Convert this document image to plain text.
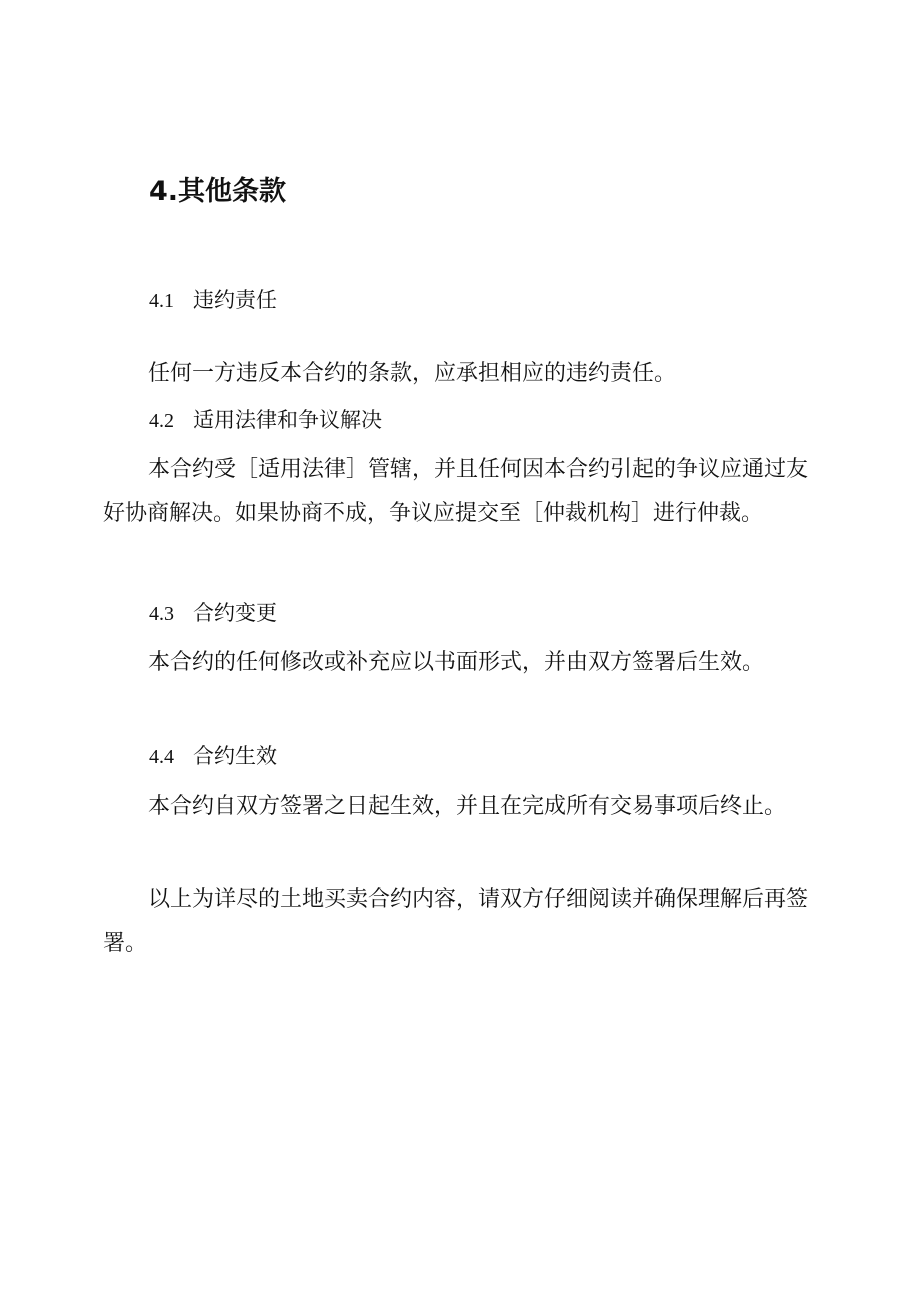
4.其他条款
4.1 违约责任

任何一方违反本合约的条款，应承担相应的违约责任。

4.2 适用法律和争议解决

本合约受［适用法律］管辖，并且任何因本合约引起的争议应通过友好协商解决。如果协商不成，争议应提交至［仲裁机构］进行仲裁。

4.3 合约变更

本合约的任何修改或补充应以书面形式，并由双方签署后生效。

4.4 合约生效

本合约自双方签署之日起生效，并且在完成所有交易事项后终止。

以上为详尽的土地买卖合约内容，请双方仔细阅读并确保理解后再签署。
